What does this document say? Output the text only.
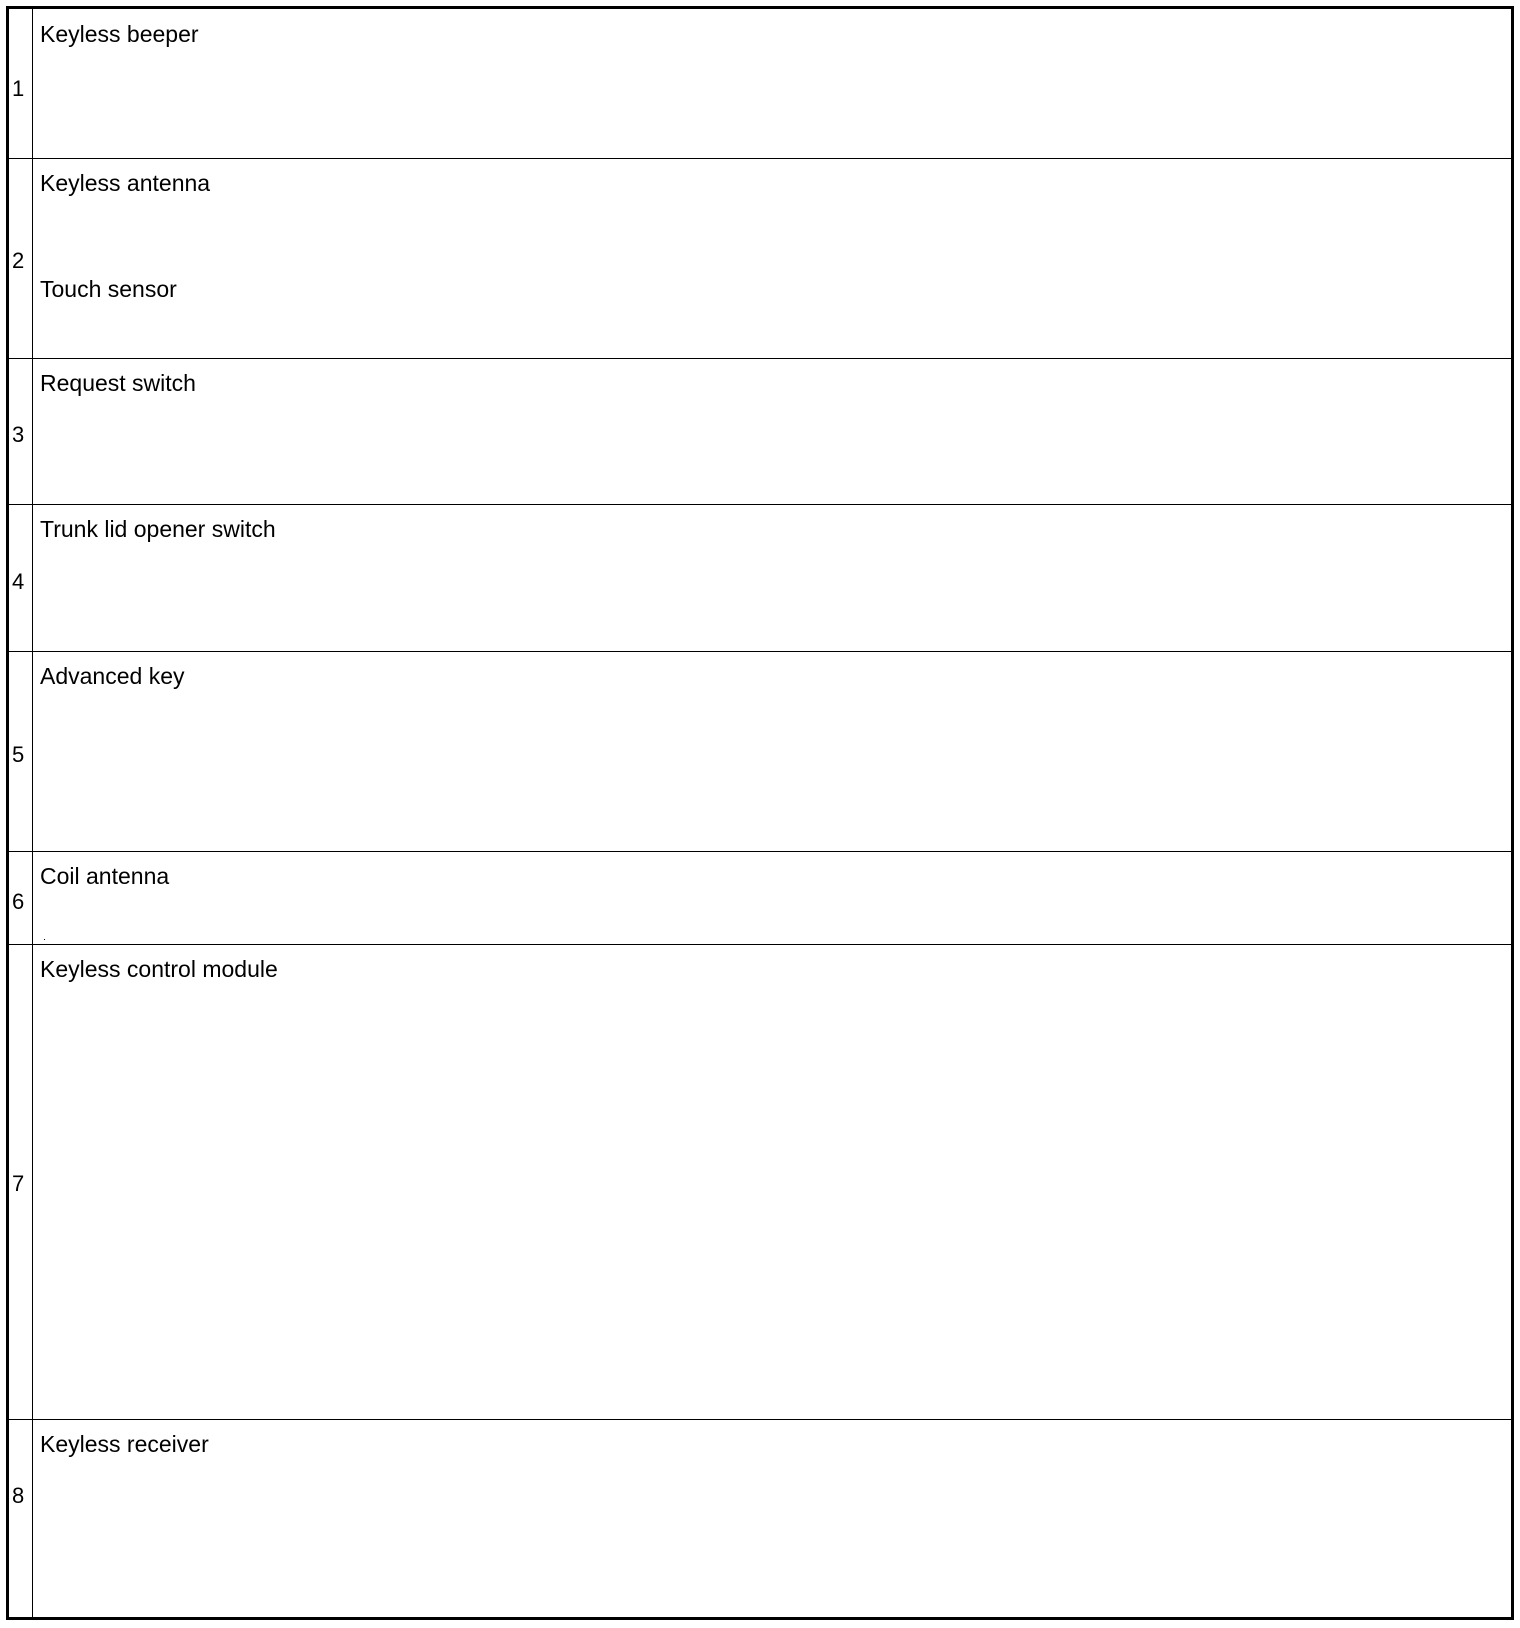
1
Keyless beeper
2
Keyless antenna
Touch sensor
3
Request switch
4
Trunk lid opener switch
5
Advanced key
6
Coil antenna
7
Keyless control module
8
Keyless receiver
